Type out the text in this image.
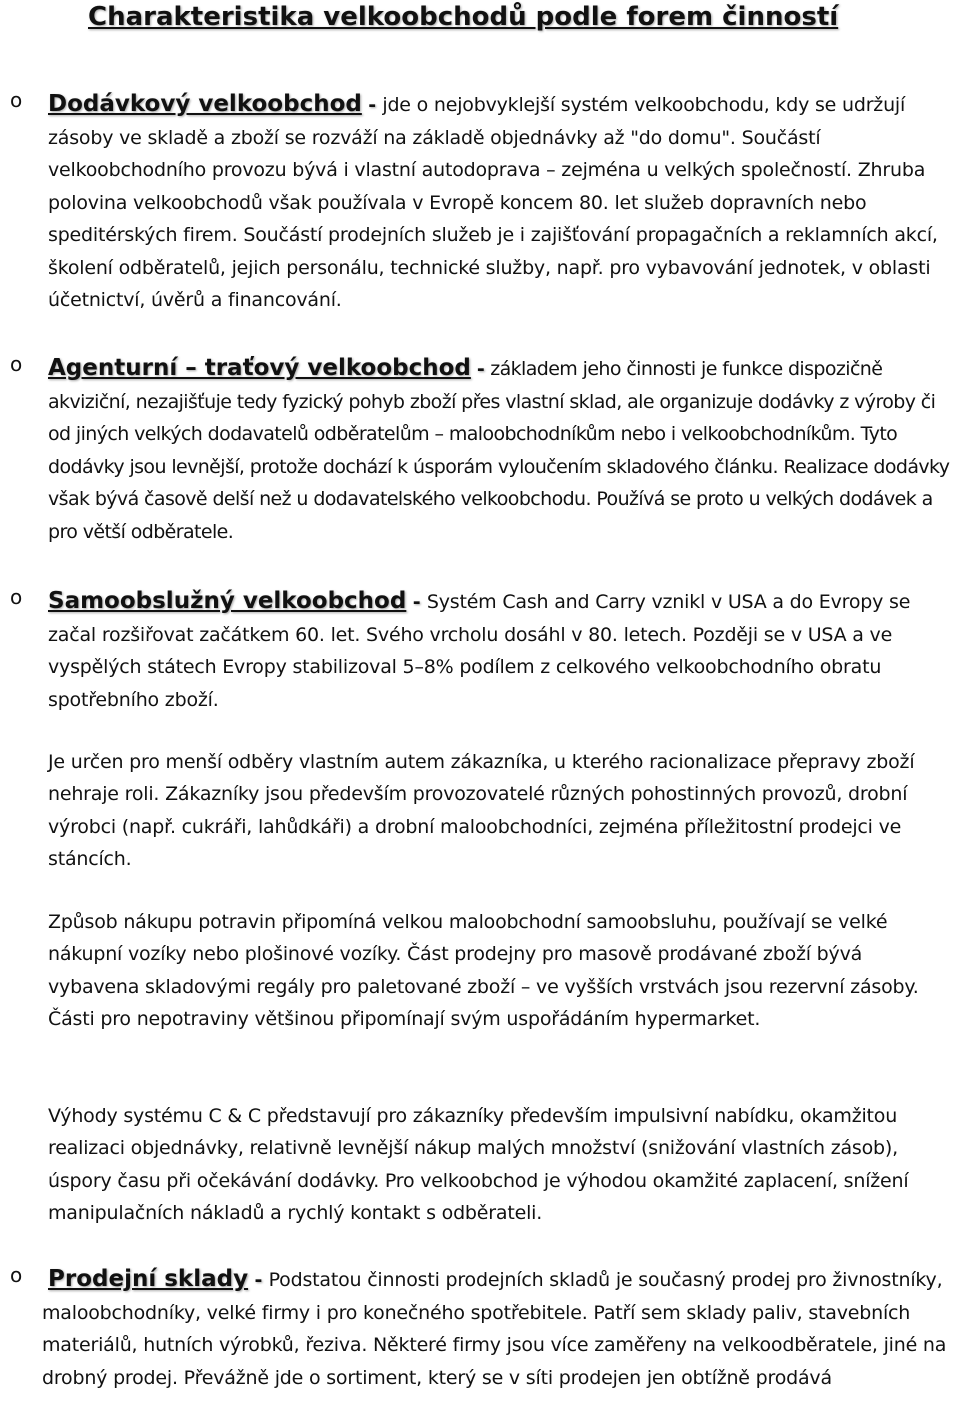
Charakteristika velkoobchodů podle forem činností
o Dodávkový velkoobchod - jde o nejobvyklejší systém velkoobchodu, kdy se udržují zásoby ve skladě a zboží se rozváží na základě objednávky až "do domu". Součástí velkoobchodního provozu bývá i vlastní autodoprava – zejména u velkých společností. Zhruba polovina velkoobchodů však používala v Evropě koncem 80. let služeb dopravních nebo speditérských firem. Součástí prodejních služeb je i zajišťování propagačních a reklamních akcí, školení odběratelů, jejich personálu, technické služby, např. pro vybavování jednotek, v oblasti účetnictví, úvěrů a financování.
o Agenturní – traťový velkoobchod - základem jeho činnosti je funkce dispozičně akviziční, nezajišťuje tedy fyzický pohyb zboží přes vlastní sklad, ale organizuje dodávky z výroby či od jiných velkých dodavatelů odběratelům – maloobchodníkům nebo i velkoobchodníkům. Tyto dodávky jsou levnější, protože dochází k úsporám vyloučením skladového článku. Realizace dodávky však bývá časově delší než u dodavatelského velkoobchodu. Používá se proto u velkých dodávek a pro větší odběratele.
o Samoobslužný velkoobchod - Systém Cash and Carry vznikl v USA a do Evropy se začal rozšiřovat začátkem 60. let. Svého vrcholu dosáhl v 80. letech. Později se v USA a ve vyspělých státech Evropy stabilizoval 5–8% podílem z celkového velkoobchodního obratu spotřebního zboží.

Je určen pro menší odběry vlastním autem zákazníka, u kterého racionalizace přepravy zboží nehraje roli. Zákazníky jsou především provozovatelé různých pohostinných provozů, drobní výrobci (např. cukráři, lahůdkáři) a drobní maloobchodníci, zejména příležitostní prodejci ve stáncích.

Způsob nákupu potravin připomíná velkou maloobchodní samoobsluhu, používají se velké nákupní vozíky nebo plošinové vozíky. Část prodejny pro masově prodávané zboží bývá vybavena skladovými regály pro paletované zboží – ve vyšších vrstvách jsou rezervní zásoby. Části pro nepotraviny většinou připomínají svým uspořádáním hypermarket.

Výhody systému C & C představují pro zákazníky především impulsivní nabídku, okamžitou realizaci objednávky, relativně levnější nákup malých množství (snižování vlastních zásob), úspory času při očekávání dodávky. Pro velkoobchod je výhodou okamžité zaplacení, snížení manipulačních nákladů a rychlý kontakt s odběrateli.

o Prodejní sklady - Podstatou činnosti prodejních skladů je současný prodej pro živnostníky, maloobchodníky, velké firmy i pro konečného spotřebitele. Patří sem sklady paliv, stavebních materiálů, hutních výrobků, řeziva. Některé firmy jsou více zaměřeny na velkoodběratele, jiné na drobný prodej. Převážně jde o sortiment, který se v síti prodejen jen obtížně prodává
